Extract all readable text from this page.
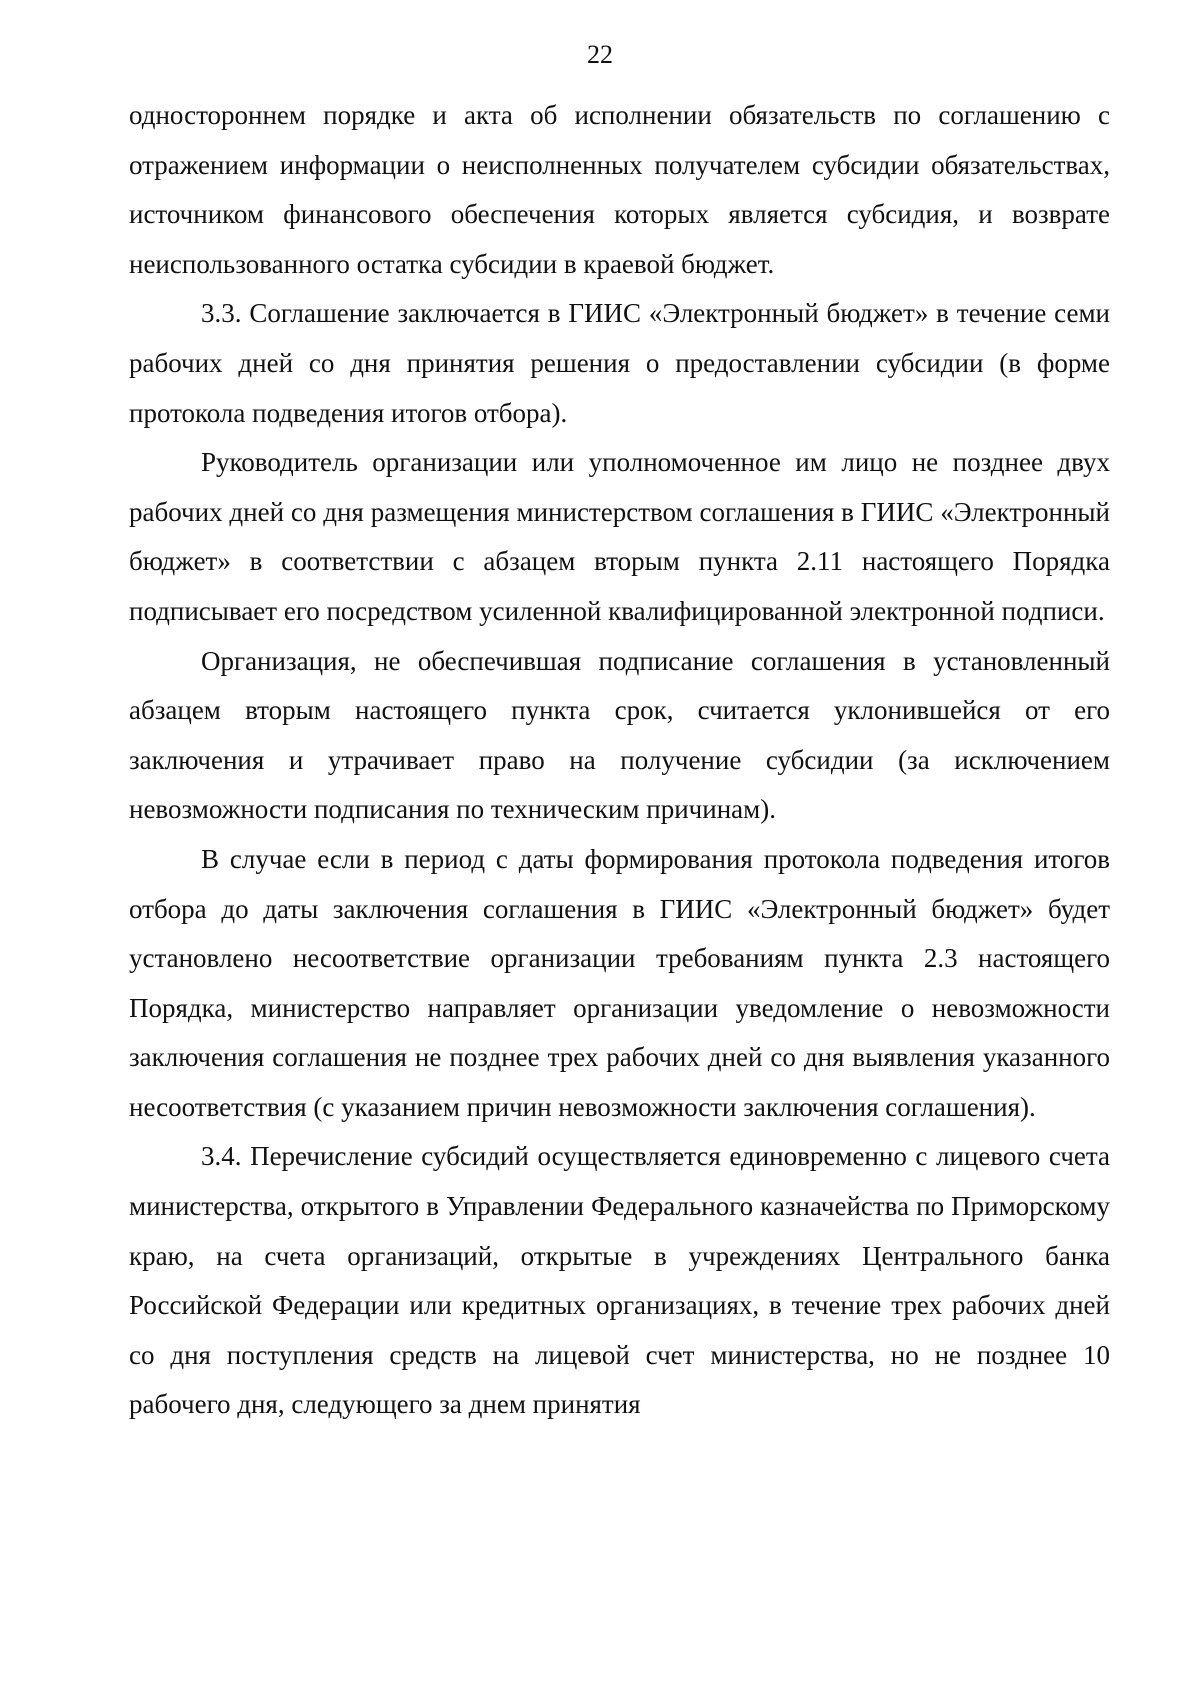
22

одностороннем порядке и акта об исполнении обязательств по соглашению с отражением информации о неисполненных получателем субсидии обязательствах, источником финансового обеспечения которых является субсидия, и возврате неиспользованного остатка субсидии в краевой бюджет.

3.3. Соглашение заключается в ГИИС «Электронный бюджет» в течение семи рабочих дней со дня принятия решения о предоставлении субсидии (в форме протокола подведения итогов отбора).

Руководитель организации или уполномоченное им лицо не позднее двух рабочих дней со дня размещения министерством соглашения в ГИИС «Электронный бюджет» в соответствии с абзацем вторым пункта 2.11 настоящего Порядка подписывает его посредством усиленной квалифицированной электронной подписи.

Организация, не обеспечившая подписание соглашения в установленный абзацем вторым настоящего пункта срок, считается уклонившейся от его заключения и утрачивает право на получение субсидии (за исключением невозможности подписания по техническим причинам).

В случае если в период с даты формирования протокола подведения итогов отбора до даты заключения соглашения в ГИИС «Электронный бюджет» будет установлено несоответствие организации требованиям пункта 2.3 настоящего Порядка, министерство направляет организации уведомление о невозможности заключения соглашения не позднее трех рабочих дней со дня выявления указанного несоответствия (с указанием причин невозможности заключения соглашения).

3.4. Перечисление субсидий осуществляется единовременно с лицевого счета министерства, открытого в Управлении Федерального казначейства по Приморскому краю, на счета организаций, открытые в учреждениях Центрального банка Российской Федерации или кредитных организациях, в течение трех рабочих дней со дня поступления средств на лицевой счет министерства, но не позднее 10 рабочего дня, следующего за днем принятия
